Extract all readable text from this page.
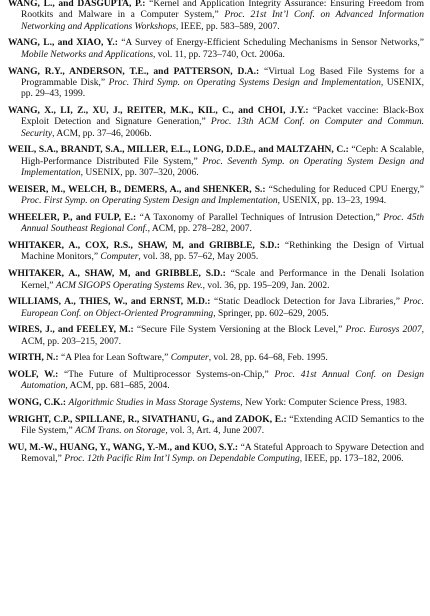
WANG, L., and DASGUPTA, P.: “Kernel and Application Integrity Assurance: Ensuring Freedom from Rootkits and Malware in a Computer System,” Proc. 21st Int’l Conf. on Advanced Information Networking and Applications Workshops, IEEE, pp. 583–589, 2007.

WANG, L., and XIAO, Y.: “A Survey of Energy-Efficient Scheduling Mechanisms in Sensor Networks,” Mobile Networks and Applications, vol. 11, pp. 723–740, Oct. 2006a.

WANG, R.Y., ANDERSON, T.E., and PATTERSON, D.A.: “Virtual Log Based File Systems for a Programmable Disk,” Proc. Third Symp. on Operating Systems Design and Implementation, USENIX, pp. 29–43, 1999.

WANG, X., LI, Z., XU, J., REITER, M.K., KIL, C., and CHOI, J.Y.: “Packet vaccine: Black-Box Exploit Detection and Signature Generation,” Proc. 13th ACM Conf. on Computer and Commun. Security, ACM, pp. 37–46, 2006b.

WEIL, S.A., BRANDT, S.A., MILLER, E.L., LONG, D.D.E., and MALTZAHN, C.: “Ceph: A Scalable, High-Performance Distributed File System,” Proc. Seventh Symp. on Operating System Design and Implementation, USENIX, pp. 307–320, 2006.

WEISER, M., WELCH, B., DEMERS, A., and SHENKER, S.: “Scheduling for Reduced CPU Energy,” Proc. First Symp. on Operating System Design and Implementation, USENIX, pp. 13–23, 1994.

WHEELER, P., and FULP, E.: “A Taxonomy of Parallel Techniques of Intrusion Detection,” Proc. 45th Annual Southeast Regional Conf., ACM, pp. 278–282, 2007.

WHITAKER, A., COX, R.S., SHAW, M, and GRIBBLE, S.D.: “Rethinking the Design of Virtual Machine Monitors,” Computer, vol. 38, pp. 57–62, May 2005.

WHITAKER, A., SHAW, M, and GRIBBLE, S.D.: “Scale and Performance in the Denali Isolation Kernel,” ACM SIGOPS Operating Systems Rev., vol. 36, pp. 195–209, Jan. 2002.

WILLIAMS, A., THIES, W., and ERNST, M.D.: “Static Deadlock Detection for Java Libraries,” Proc. European Conf. on Object-Oriented Programming, Springer, pp. 602–629, 2005.

WIRES, J., and FEELEY, M.: “Secure File System Versioning at the Block Level,” Proc. Eurosys 2007, ACM, pp. 203–215, 2007.

WIRTH, N.: “A Plea for Lean Software,” Computer, vol. 28, pp. 64–68, Feb. 1995.

WOLF, W.: “The Future of Multiprocessor Systems-on-Chip,” Proc. 41st Annual Conf. on Design Automation, ACM, pp. 681–685, 2004.

WONG, C.K.: Algorithmic Studies in Mass Storage Systems, New York: Computer Science Press, 1983.

WRIGHT, C.P., SPILLANE, R., SIVATHANU, G., and ZADOK, E.: “Extending ACID Semantics to the File System,” ACM Trans. on Storage, vol. 3, Art. 4, June 2007.

WU, M.-W., HUANG, Y., WANG, Y.-M., and KUO, S.Y.: “A Stateful Approach to Spyware Detection and Removal,” Proc. 12th Pacific Rim Int’l Symp. on Dependable Computing, IEEE, pp. 173–182, 2006.
